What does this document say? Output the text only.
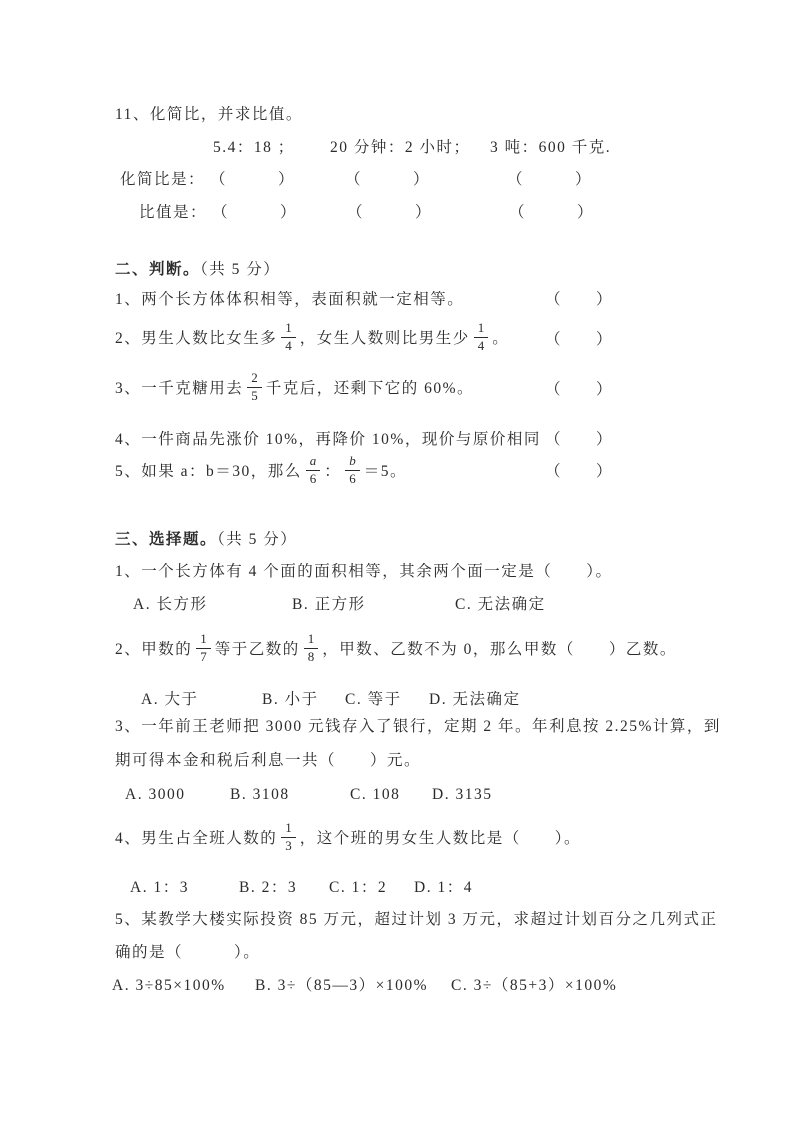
11、化简比，并求比值。
5.4：18 ； 20 分钟：2 小时； 3 吨：600 千克.
化简比是： （　　　）	（　　　）	（　　　）
比值是： （　　　）	（　　　）	（　　　）
二、判断。（共 5 分）
1、两个长方体体积相等，表面积就一定相等。	（　　）
2、男生人数比女生多 $\frac{1}{4}$ ，女生人数则比男生少 $\frac{1}{4}$ 。 （　　）
3、一千克糖用去 $\frac{2}{5}$ 千克后，还剩下它的 60%。	（　　）
4、一件商品先涨价 10%，再降价 10%，现价与原价相同 （　　）
5、如果 a：b＝30，那么 $\frac{a}{6}$ ： $\frac{b}{6} =5$。	（　　）
三、选择题。（共 5 分）
1、一个长方体有 4 个面的面积相等，其余两个面一定是（　　）。
A. 长方形	B. 正方形	C. 无法确定
2、甲数的 $\frac{1}{7}$ 等于乙数的 $\frac{1}{8}$ ，甲数、乙数不为 0，那么甲数（　　）乙数。
A. 大于	B. 小于 C. 等于 D. 无法确定
3、一年前王老师把 3000 元钱存入了银行，定期 2 年。年利息按 2.25%计算，到
期可得本金和税后利息一共（　　）元。
A. 3000	B. 3108	C. 108 D. 3135
4、男生占全班人数的 $\frac{1}{3}$ ，这个班的男女生人数比是（　　）。
A. 1：3	B. 2：3 C. 1：2 D. 1：4
5、某教学大楼实际投资 85 万元，超过计划 3 万元，求超过计划百分之几列式正
确的是（　　　）。
A. 3÷85×100% B. 3÷（85—3）×100% C. 3÷（85+3）×100%
